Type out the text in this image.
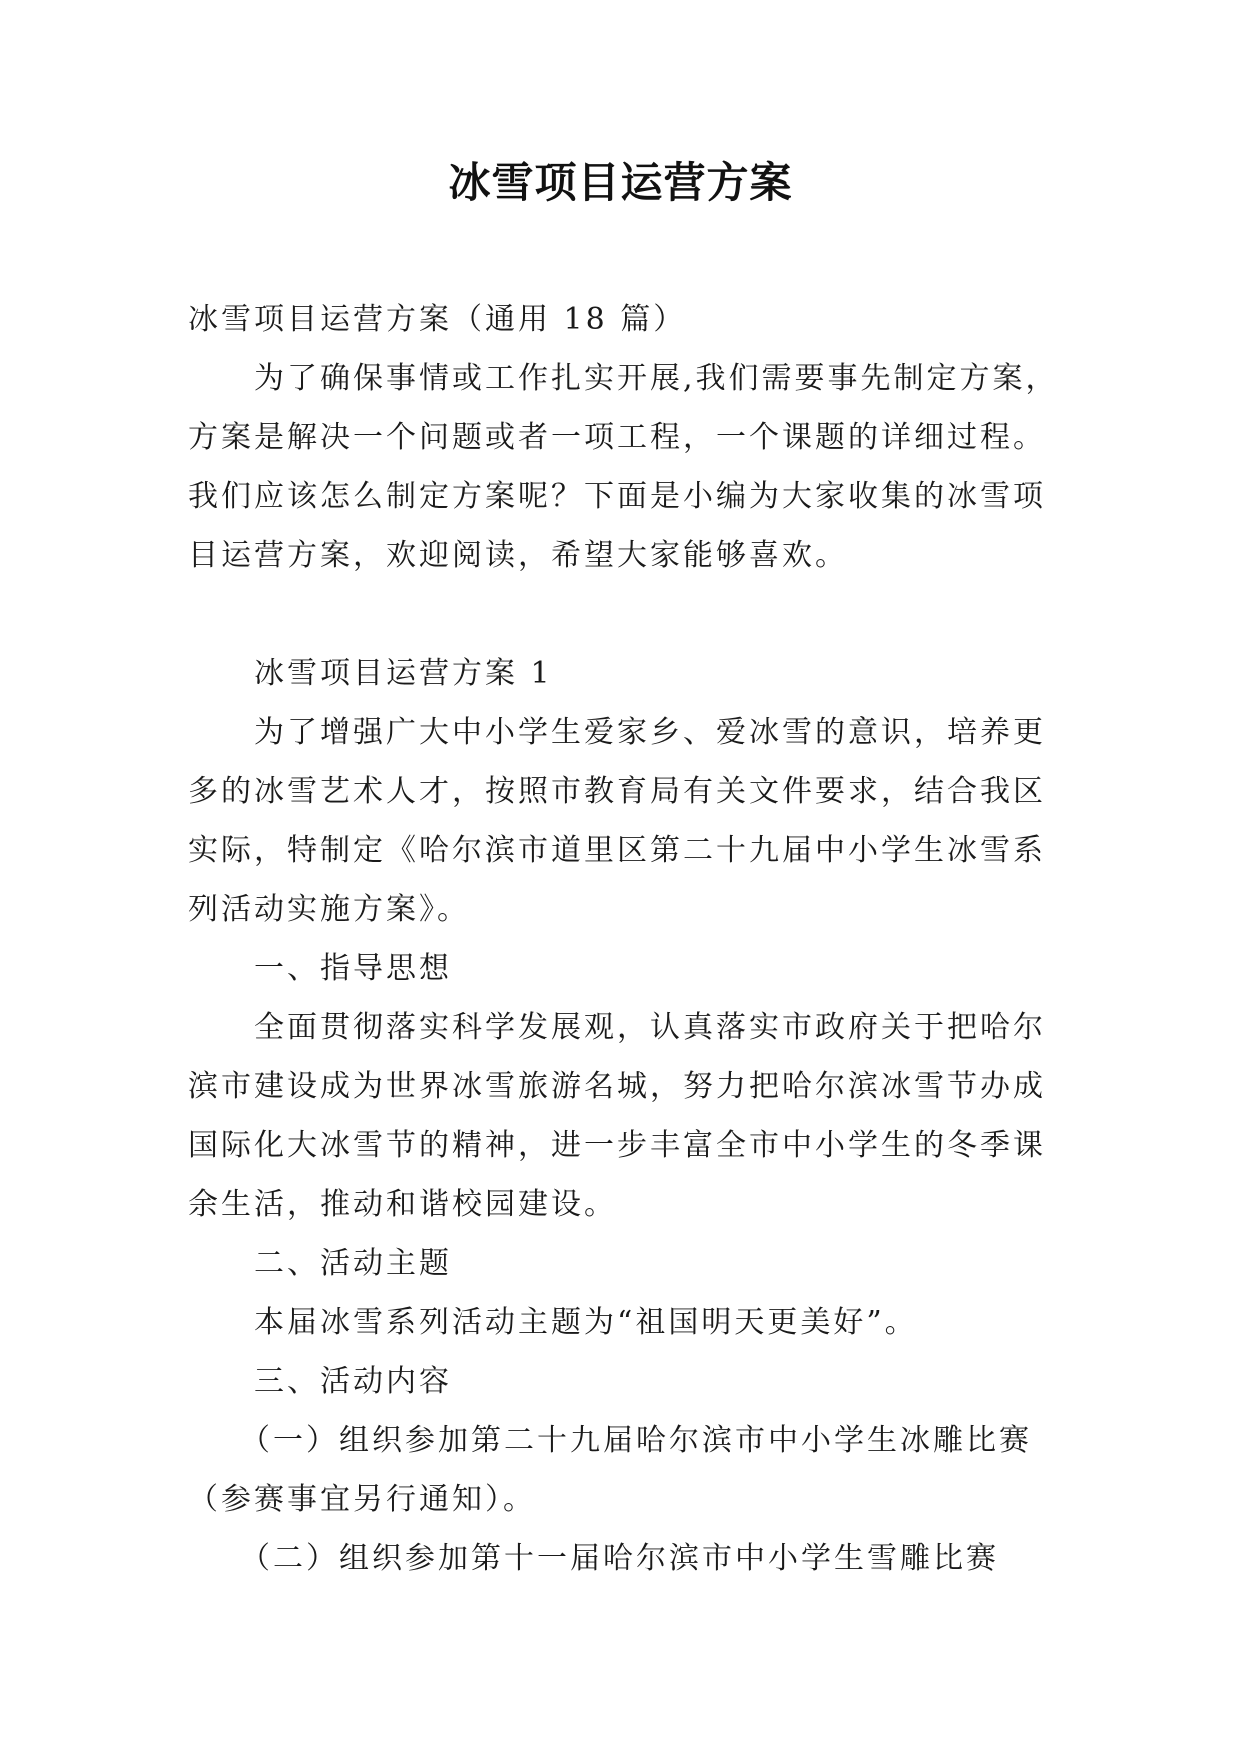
冰雪项目运营方案

冰雪项目运营方案（通用 18 篇）

为了确保事情或工作扎实开展,我们需要事先制定方案，方案是解决一个问题或者一项工程，一个课题的详细过程。我们应该怎么制定方案呢？下面是小编为大家收集的冰雪项目运营方案，欢迎阅读，希望大家能够喜欢。

冰雪项目运营方案 1

为了增强广大中小学生爱家乡、爱冰雪的意识，培养更多的冰雪艺术人才，按照市教育局有关文件要求，结合我区实际，特制定《哈尔滨市道里区第二十九届中小学生冰雪系列活动实施方案》。

一、指导思想

全面贯彻落实科学发展观，认真落实市政府关于把哈尔滨市建设成为世界冰雪旅游名城，努力把哈尔滨冰雪节办成国际化大冰雪节的精神，进一步丰富全市中小学生的冬季课余生活，推动和谐校园建设。

二、活动主题

本届冰雪系列活动主题为“祖国明天更美好”。

三、活动内容

（一）组织参加第二十九届哈尔滨市中小学生冰雕比赛（参赛事宜另行通知）。

（二）组织参加第十一届哈尔滨市中小学生雪雕比赛
